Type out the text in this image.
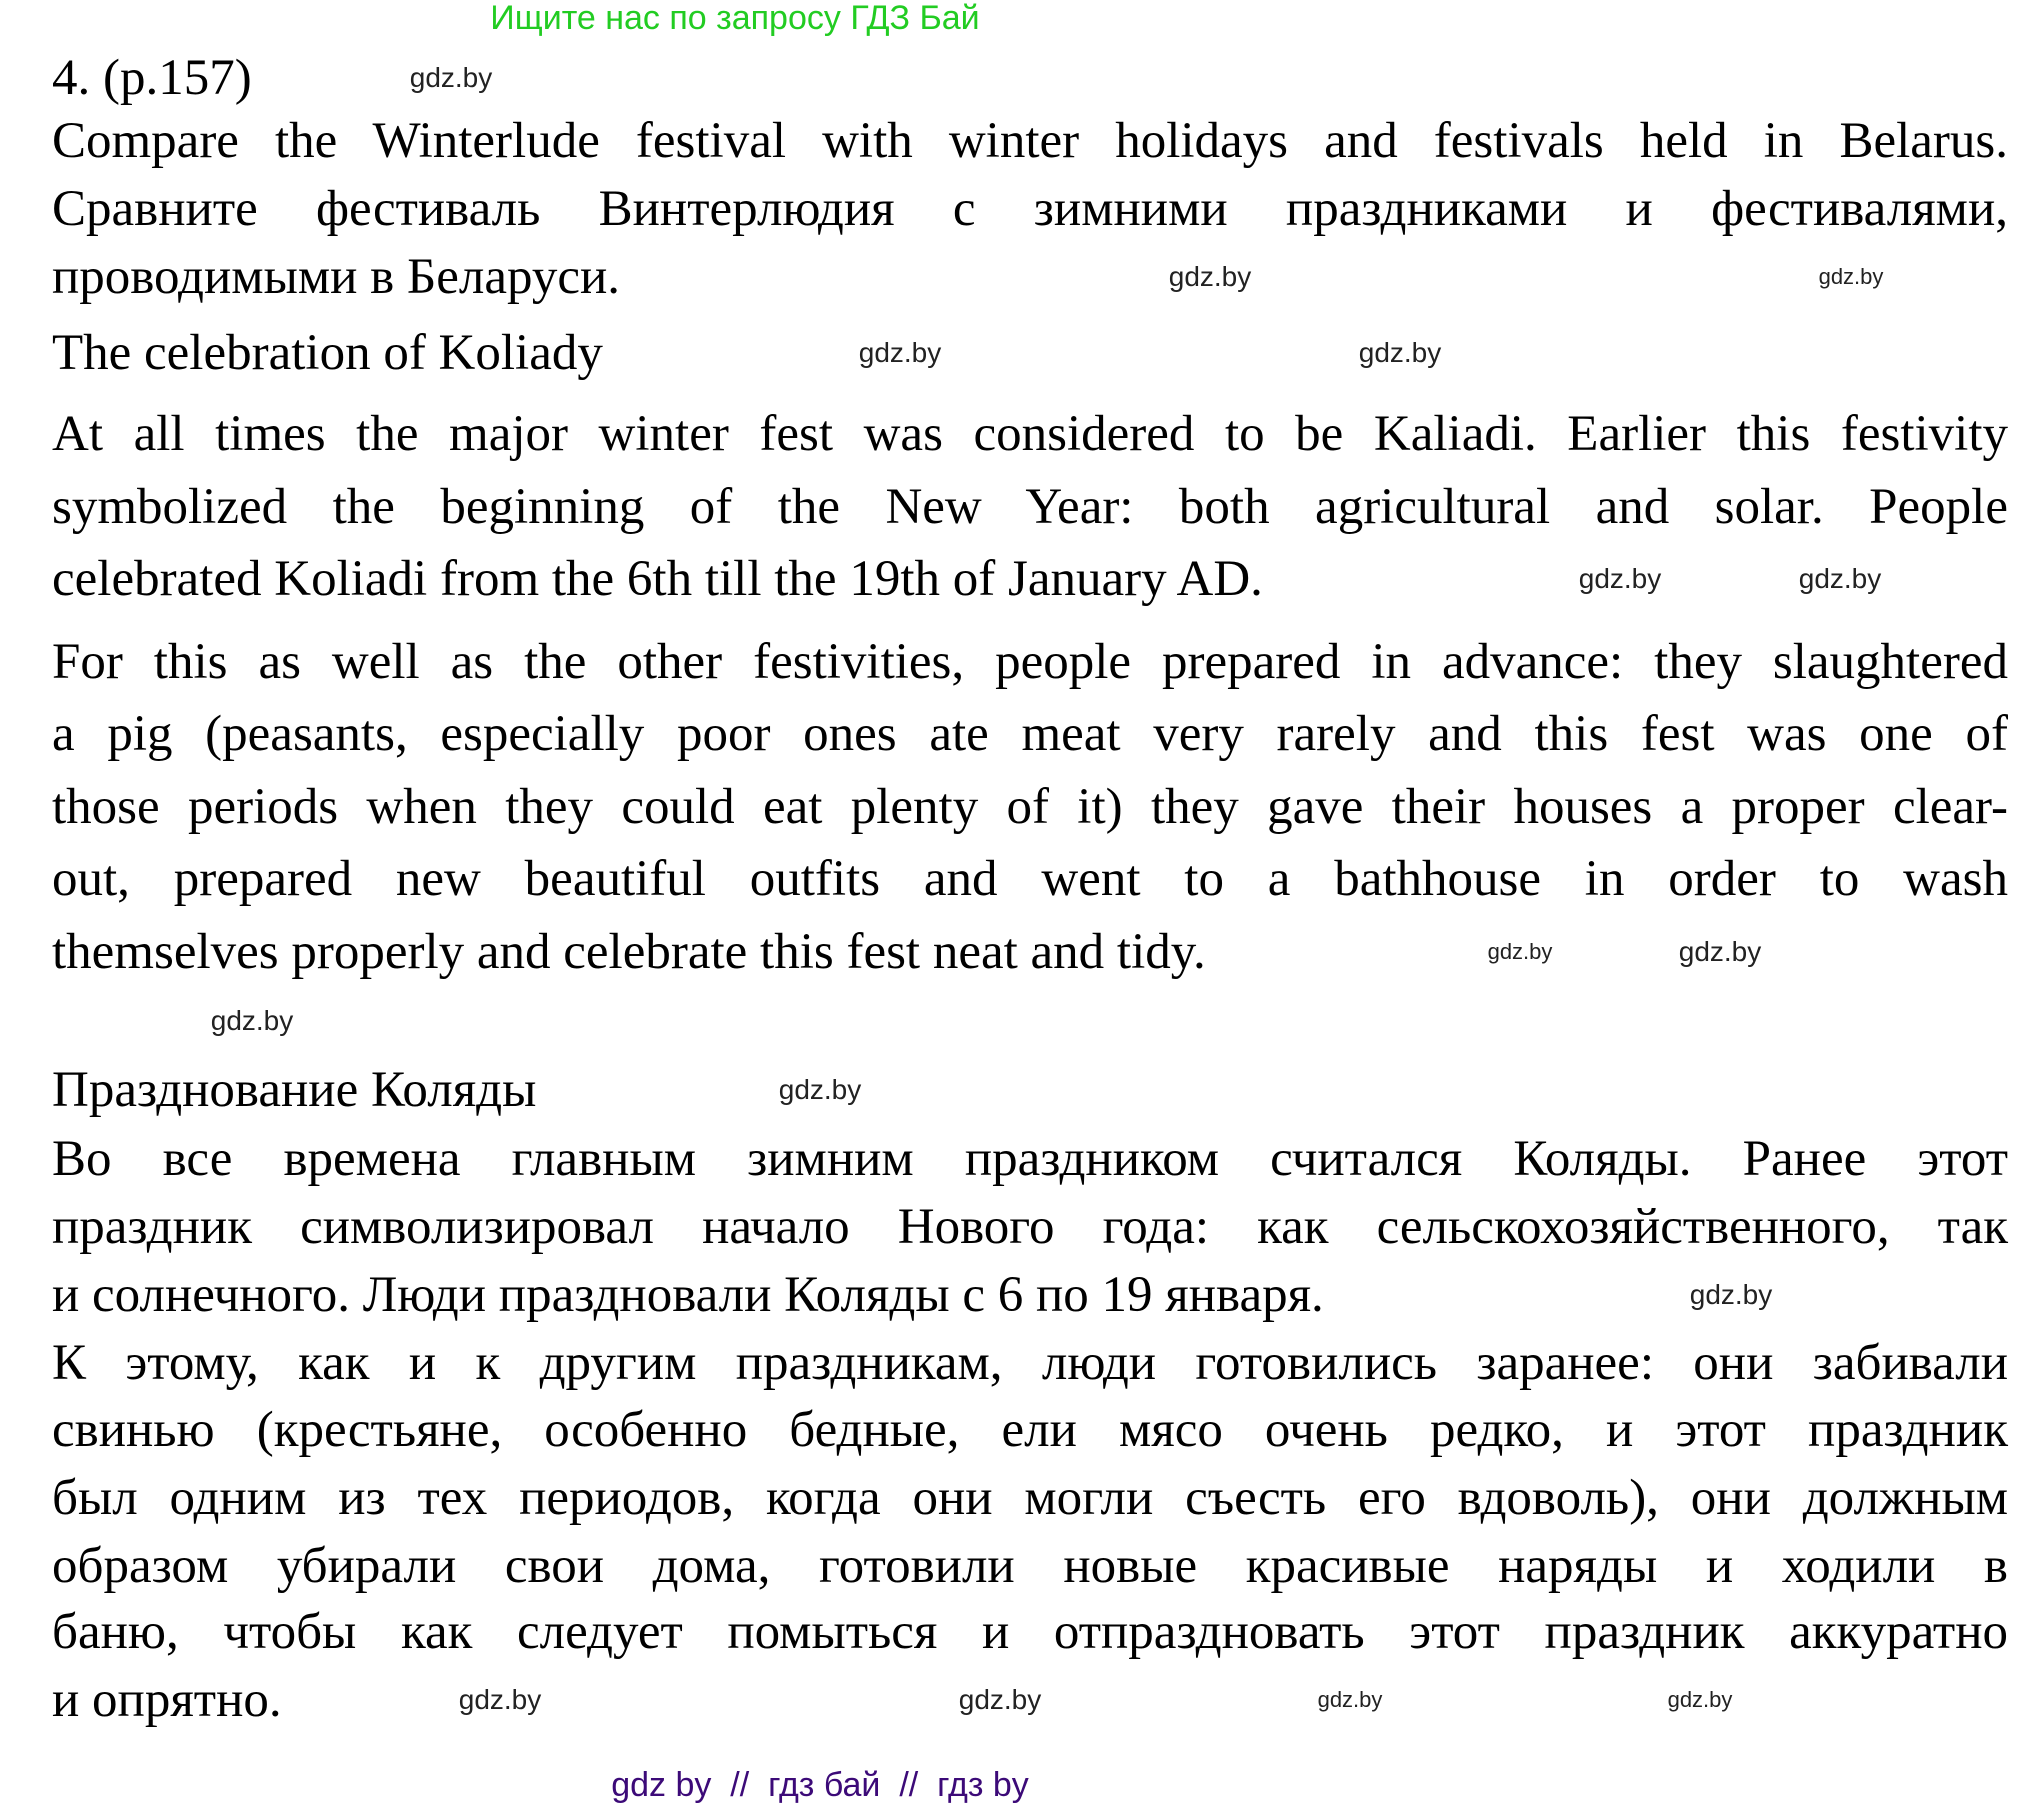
Ищите нас по запросу ГДЗ Бай
4. (p.157)
Compare the Winterlude festival with winter holidays and festivals held in Belarus.
Сравните фестиваль Винтерлюдия с зимними праздниками и фестивалями,
проводимыми в Беларуси.
The celebration of Koliady
At all times the major winter fest was considered to be Kaliadi. Earlier this festivity
symbolized the beginning of the New Year: both agricultural and solar. People
celebrated Koliadi from the 6th till the 19th of January AD.
For this as well as the other festivities, people prepared in advance: they slaughtered
a pig (peasants, especially poor ones ate meat very rarely and this fest was one of
those periods when they could eat plenty of it) they gave their houses a proper clear-
out, prepared new beautiful outfits and went to a bathhouse in order to wash
themselves properly and celebrate this fest neat and tidy.
Празднование Коляды
Во все времена главным зимним праздником считался Коляды. Ранее этот
праздник символизировал начало Нового года: как сельскохозяйственного, так
и солнечного. Люди праздновали Коляды с 6 по 19 января.
К этому, как и к другим праздникам, люди готовились заранее: они забивали
свинью (крестьяне, особенно бедные, ели мясо очень редко, и этот праздник
был одним из тех периодов, когда они могли съесть его вдоволь), они должным
образом убирали свои дома, готовили новые красивые наряды и ходили в
баню, чтобы как следует помыться и отпраздновать этот праздник аккуратно
и опрятно.
gdz.by
gdz.by
gdz.by
gdz.by	gdz.by
gdz.by	gdz.by
gdz.by	gdz.by
gdz.by
gdz.by
gdz.by
gdz.by	gdz.by
gdz.by
gdz.by
gdz by  //  гдз бай  //  гдз by
